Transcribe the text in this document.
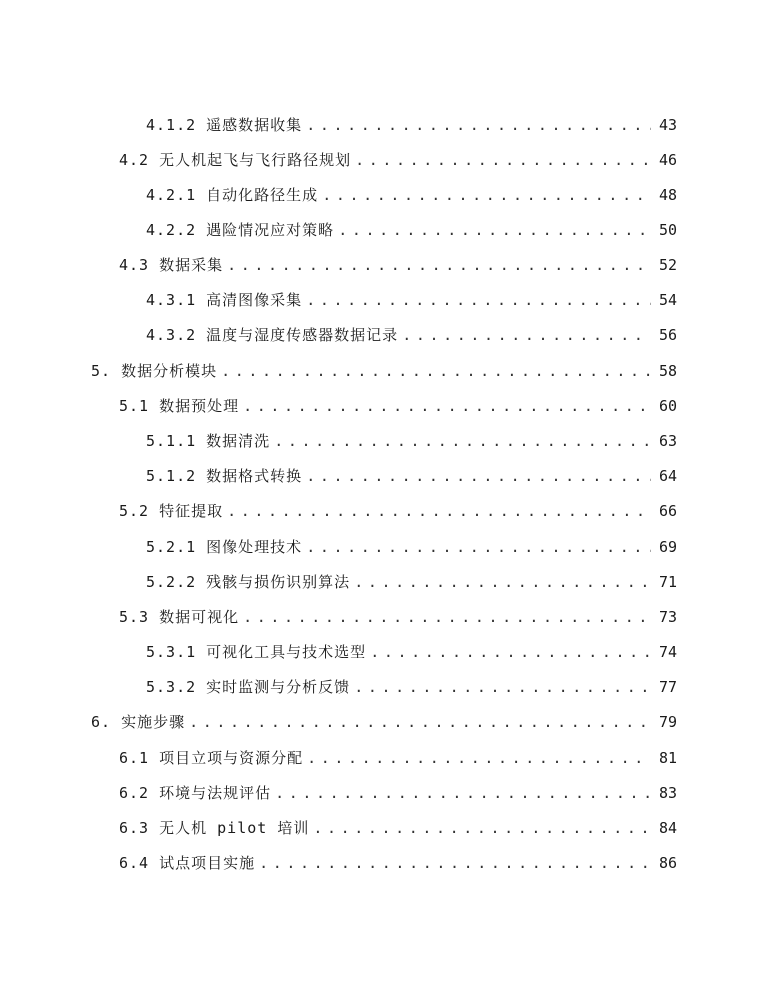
4.1.2 遥感数据收集 .....	43
4.2 无人机起飞与飞行路径规划 .....	46
4.2.1 自动化路径生成 .....	48
4.2.2 遇险情况应对策略 .....	50
4.3 数据采集 .....	52
4.3.1 高清图像采集 .....	54
4.3.2 温度与湿度传感器数据记录 .....	56
5. 数据分析模块 .....	58
5.1 数据预处理 .....	60
5.1.1 数据清洗 .....	63
5.1.2 数据格式转换 .....	64
5.2 特征提取 .....	66
5.2.1 图像处理技术 .....	69
5.2.2 残骸与损伤识别算法 .....	71
5.3 数据可视化 .....	73
5.3.1 可视化工具与技术选型 .....	74
5.3.2 实时监测与分析反馈 .....	77
6. 实施步骤 .....	79
6.1 项目立项与资源分配 .....	81
6.2 环境与法规评估 .....	83
6.3 无人机 pilot 培训 .....	84
6.4 试点项目实施 .....	86
